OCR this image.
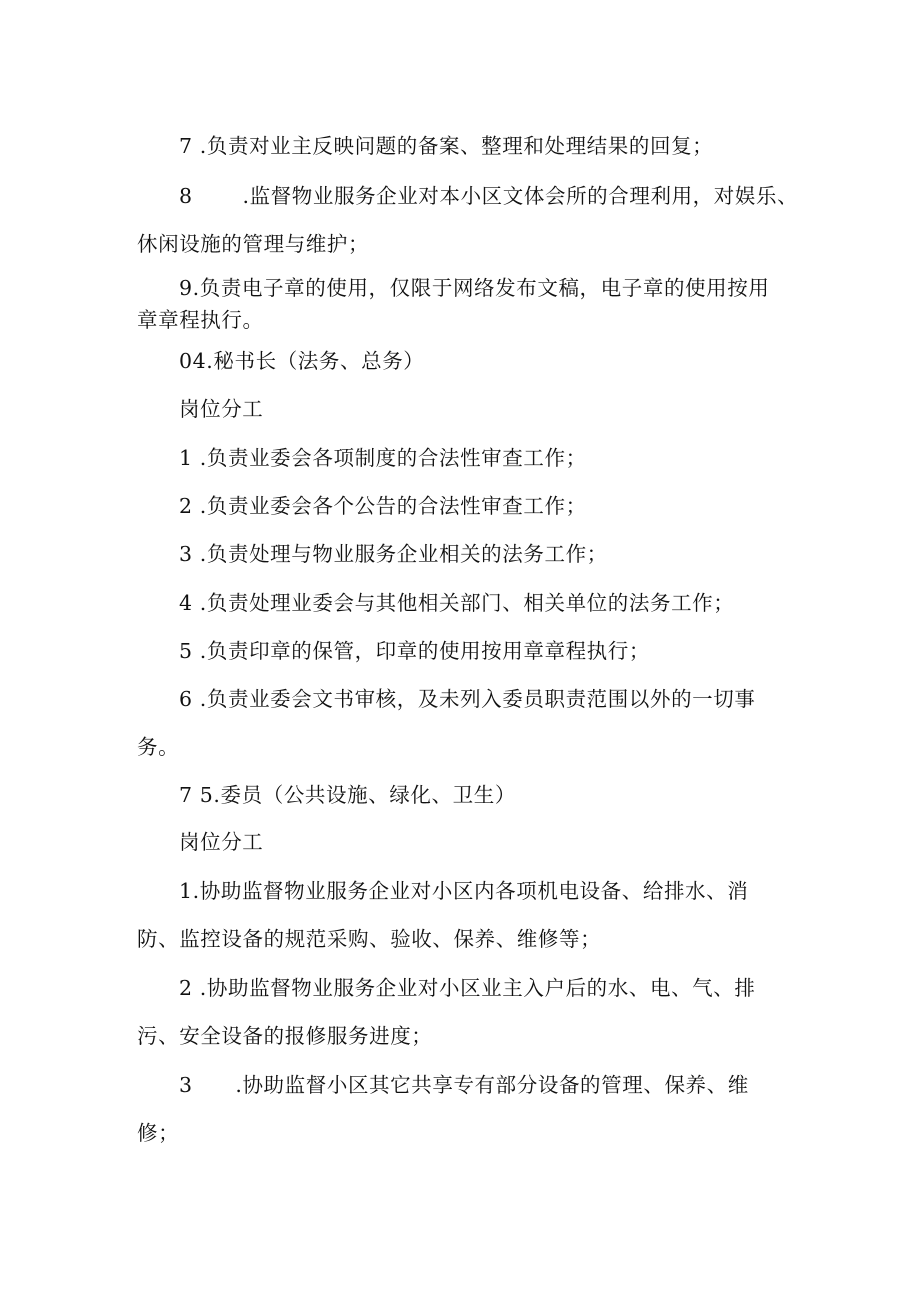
7 .负责对业主反映问题的备案、整理和处理结果的回复；
8       .监督物业服务企业对本小区文体会所的合理利用，对娱乐、
休闲设施的管理与维护；
9.负责电子章的使用，仅限于网络发布文稿，电子章的使用按用
章章程执行。
04.秘书长（法务、总务）
岗位分工
1 .负责业委会各项制度的合法性审查工作；
2 .负责业委会各个公告的合法性审查工作；
3 .负责处理与物业服务企业相关的法务工作；
4 .负责处理业委会与其他相关部门、相关单位的法务工作；
5 .负责印章的保管，印章的使用按用章章程执行；
6 .负责业委会文书审核，及未列入委员职责范围以外的一切事
务。
7 5.委员（公共设施、绿化、卫生）
岗位分工
1.协助监督物业服务企业对小区内各项机电设备、给排水、消
防、监控设备的规范采购、验收、保养、维修等；
2 .协助监督物业服务企业对小区业主入户后的水、电、气、排
污、安全设备的报修服务进度；
3      .协助监督小区其它共享专有部分设备的管理、保养、维
修；
